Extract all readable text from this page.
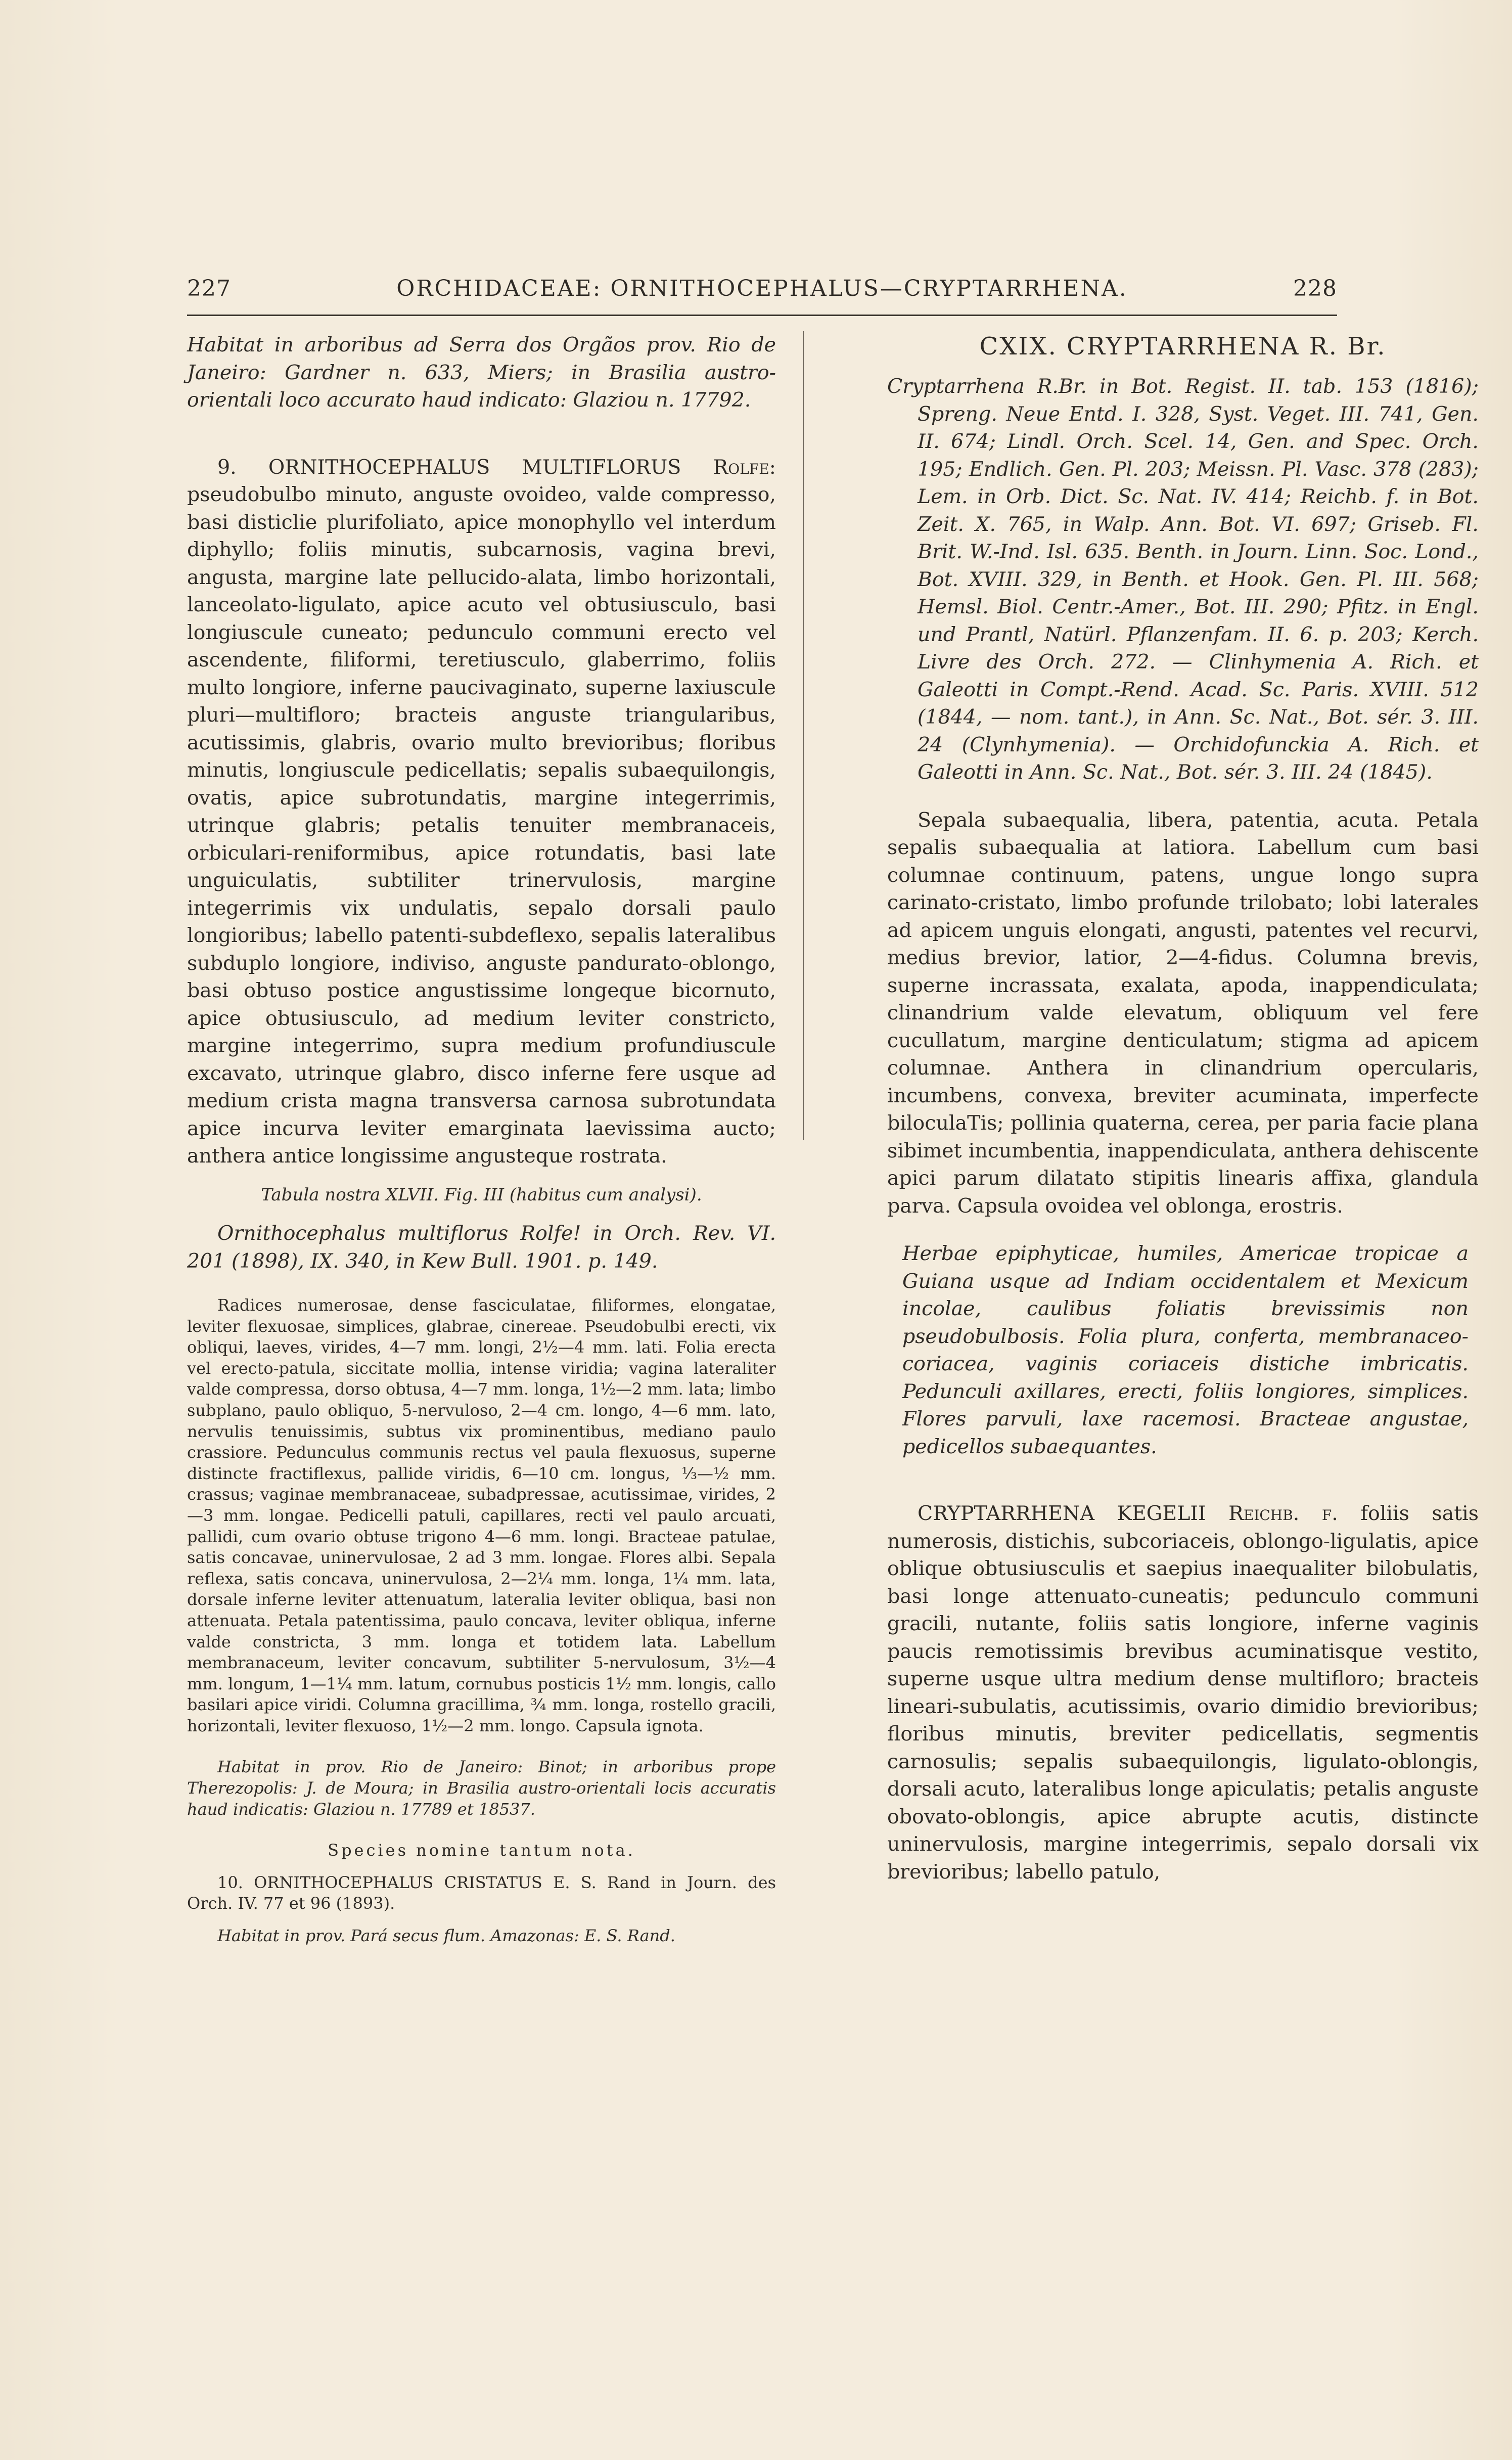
227	ORCHIDACEAE: ORNITHOCEPHALUS—CRYPTARRHENA.	228

Habitat in arboribus ad Serra dos Orgãos prov. Rio de Janeiro: Gardner n. 633, Miers; in Brasilia austro-orientali loco accurato haud indicato: Glaziou n. 17792.

9. ORNITHOCEPHALUS MULTIFLORUS Rolfe: pseudobulbo minuto, anguste ovoideo, valde compresso, basi disticlie plurifoliato, apice monophyllo vel interdum diphyllo; foliis minutis, subcarnosis, vagina brevi, angusta, margine late pellucido-alata, limbo horizontali, lanceolato-ligulato, apice acuto vel obtusiusculo, basi longiuscule cuneato; pedunculo communi erecto vel ascendente, filiformi, teretiusculo, glaberrimo, foliis multo longiore, inferne paucivaginato, superne laxiuscule pluri—multifloro; bracteis anguste triangularibus, acutissimis, glabris, ovario multo brevioribus; floribus minutis, longiuscule pedicellatis; sepalis subaequilongis, ovatis, apice subrotundatis, margine integerrimis, utrinque glabris; petalis tenuiter membranaceis, orbiculari-reniformibus, apice rotundatis, basi late unguiculatis, subtiliter trinervulosis, margine integerrimis vix undulatis, sepalo dorsali paulo longioribus; labello patenti-subdeflexo, sepalis lateralibus subduplo longiore, indiviso, anguste pandurato-oblongo, basi obtuso postice angustissime longeque bicornuto, apice obtusiusculo, ad medium leviter constricto, margine integerrimo, supra medium profundiuscule excavato, utrinque glabro, disco inferne fere usque ad medium crista magna transversa carnosa subrotundata apice incurva leviter emarginata laevissima aucto; anthera antice longissime angusteque rostrata.

Tabula nostra XLVII. Fig. III (habitus cum analysi).

Ornithocephalus multiflorus Rolfe! in Orch. Rev. VI. 201 (1898), IX. 340, in Kew Bull. 1901. p. 149.

Radices numerosae, dense fasciculatae, filiformes, elongatae, leviter flexuosae, simplices, glabrae, cinereae. Pseudobulbi erecti, vix obliqui, laeves, virides, 4—7 mm. longi, 2½—4 mm. lati. Folia erecta vel erecto-patula, siccitate mollia, intense viridia; vagina lateraliter valde compressa, dorso obtusa, 4—7 mm. longa, 1½—2 mm. lata; limbo subplano, paulo obliquo, 5-nervuloso, 2—4 cm. longo, 4—6 mm. lato, nervulis tenuissimis, subtus vix prominentibus, mediano paulo crassiore. Pedunculus communis rectus vel paula flexuosus, superne distincte fractiflexus, pallide viridis, 6—10 cm. longus, ⅓—½ mm. crassus; vaginae membranaceae, subadpressae, acutissimae, virides, 2—3 mm. longae. Pedicelli patuli, capillares, recti vel paulo arcuati, pallidi, cum ovario obtuse trigono 4—6 mm. longi. Bracteae patulae, satis concavae, uninervulosae, 2 ad 3 mm. longae. Flores albi. Sepala reflexa, satis concava, uninervulosa, 2—2¼ mm. longa, 1¼ mm. lata, dorsale inferne leviter attenuatum, lateralia leviter obliqua, basi non attenuata. Petala patentissima, paulo concava, leviter obliqua, inferne valde constricta, 3 mm. longa et totidem lata. Labellum membranaceum, leviter concavum, subtiliter 5-nervulosum, 3½—4 mm. longum, 1—1¼ mm. latum, cornubus posticis 1½ mm. longis, callo basilari apice viridi. Columna gracillima, ¾ mm. longa, rostello gracili, horizontali, leviter flexuoso, 1½—2 mm. longo. Capsula ignota.

Habitat in prov. Rio de Janeiro: Binot; in arboribus prope Therezopolis: J. de Moura; in Brasilia austro-orientali locis accuratis haud indicatis: Glaziou n. 17789 et 18537.

Species nomine tantum nota.

10. ORNITHOCEPHALUS CRISTATUS E. S. Rand in Journ. des Orch. IV. 77 et 96 (1893).

Habitat in prov. Pará secus flum. Amazonas: E. S. Rand.

CXIX. CRYPTARRHENA R. Br.

Cryptarrhena R.Br. in Bot. Regist. II. tab. 153 (1816); Spreng. Neue Entd. I. 328, Syst. Veget. III. 741, Gen. II. 674; Lindl. Orch. Scel. 14, Gen. and Spec. Orch. 195; Endlich. Gen. Pl. 203; Meissn. Pl. Vasc. 378 (283); Lem. in Orb. Dict. Sc. Nat. IV. 414; Reichb. f. in Bot. Zeit. X. 765, in Walp. Ann. Bot. VI. 697; Griseb. Fl. Brit. W.-Ind. Isl. 635. Benth. in Journ. Linn. Soc. Lond., Bot. XVIII. 329, in Benth. et Hook. Gen. Pl. III. 568; Hemsl. Biol. Centr.-Amer., Bot. III. 290; Pfitz. in Engl. und Prantl, Natürl. Pflanzenfam. II. 6. p. 203; Kerch. Livre des Orch. 272. — Clinhymenia A. Rich. et Galeotti in Compt.-Rend. Acad. Sc. Paris. XVIII. 512 (1844, — nom. tant.), in Ann. Sc. Nat., Bot. sér. 3. III. 24 (Clynhymenia). — Orchidofunckia A. Rich. et Galeotti in Ann. Sc. Nat., Bot. sér. 3. III. 24 (1845).

Sepala subaequalia, libera, patentia, acuta. Petala sepalis subaequalia at latiora. Labellum cum basi columnae continuum, patens, ungue longo supra carinato-cristato, limbo profunde trilobato; lobi laterales ad apicem unguis elongati, angusti, patentes vel recurvi, medius brevior, latior, 2—4-fidus. Columna brevis, superne incrassata, exalata, apoda, inappendiculata; clinandrium valde elevatum, obliquum vel fere cucullatum, margine denticulatum; stigma ad apicem columnae. Anthera in clinandrium opercularis, incumbens, convexa, breviter acuminata, imperfecte biloculaTis; pollinia quaterna, cerea, per paria facie plana sibimet incumbentia, inappendiculata, anthera dehiscente apici parum dilatato stipitis linearis affixa, glandula parva. Capsula ovoidea vel oblonga, erostris.

Herbae epiphyticae, humiles, Americae tropicae a Guiana usque ad Indiam occidentalem et Mexicum incolae, caulibus foliatis brevissimis non pseudobulbosis. Folia plura, conferta, membranaceo-coriacea, vaginis coriaceis distiche imbricatis. Pedunculi axillares, erecti, foliis longiores, simplices. Flores parvuli, laxe racemosi. Bracteae angustae, pedicellos subaequantes.

CRYPTARRHENA KEGELII Reichb. f. foliis satis numerosis, distichis, subcoriaceis, oblongo-ligulatis, apice oblique obtusiusculis et saepius inaequaliter bilobulatis, basi longe attenuato-cuneatis; pedunculo communi gracili, nutante, foliis satis longiore, inferne vaginis paucis remotissimis brevibus acuminatisque vestito, superne usque ultra medium dense multifloro; bracteis lineari-subulatis, acutissimis, ovario dimidio brevioribus; floribus minutis, breviter pedicellatis, segmentis carnosulis; sepalis subaequilongis, ligulato-oblongis, dorsali acuto, lateralibus longe apiculatis; petalis anguste obovato-oblongis, apice abrupte acutis, distincte uninervulosis, margine integerrimis, sepalo dorsali vix brevioribus; labello patulo,
